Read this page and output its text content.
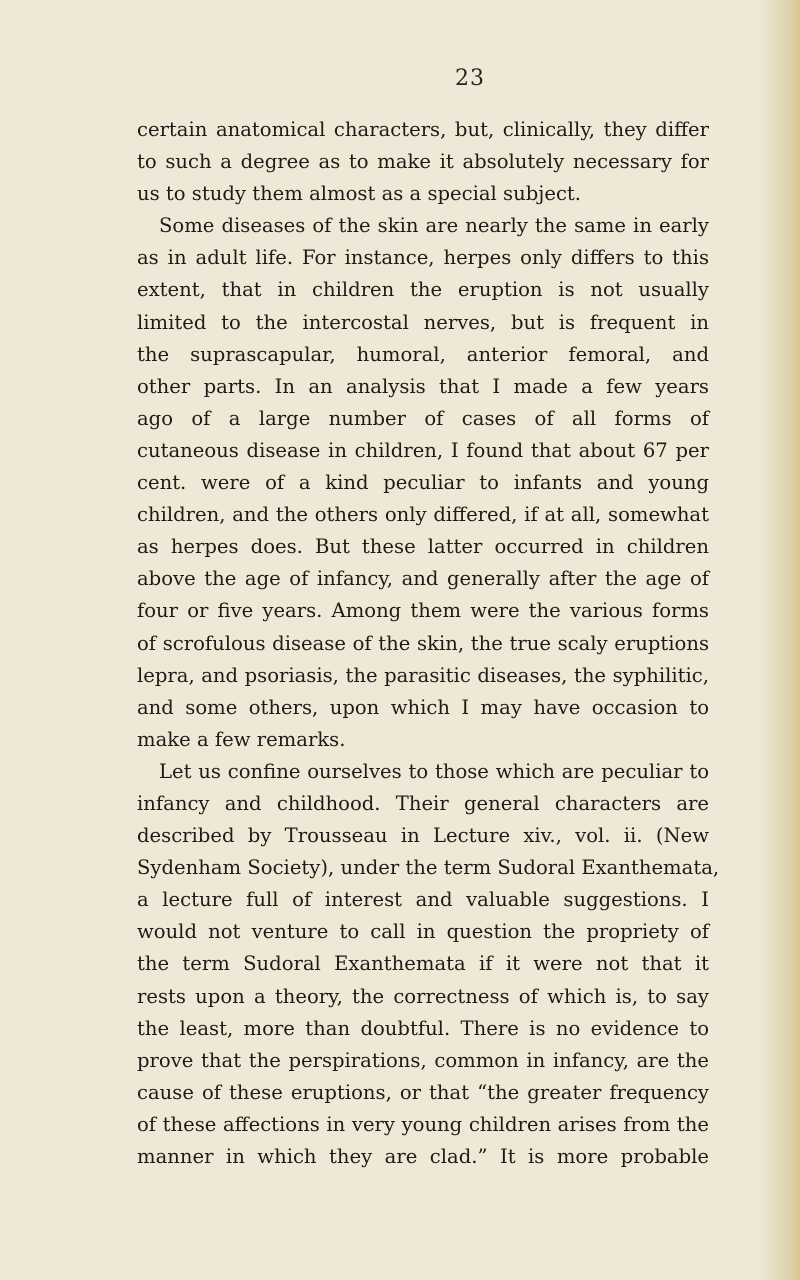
23
certain anatomical characters, but, clinically, they differ
to such a degree as to make it absolutely necessary for
us to study them almost as a special subject.
Some diseases of the skin are nearly the same in early
as in adult life. For instance, herpes only differs to this
extent, that in children the eruption is not usually
limited to the intercostal nerves, but is frequent in
the suprascapular, humoral, anterior femoral, and
other parts. In an analysis that I made a few years
ago of a large number of cases of all forms of
cutaneous disease in children, I found that about 67 per
cent. were of a kind peculiar to infants and young
children, and the others only differed, if at all, somewhat
as herpes does. But these latter occurred in children
above the age of infancy, and generally after the age of
four or five years. Among them were the various forms
of scrofulous disease of the skin, the true scaly eruptions
lepra, and psoriasis, the parasitic diseases, the syphilitic,
and some others, upon which I may have occasion to
make a few remarks.
Let us confine ourselves to those which are peculiar to
infancy and childhood. Their general characters are
described by Trousseau in Lecture xiv., vol. ii. (New
Sydenham Society), under the term Sudoral Exanthemata,
a lecture full of interest and valuable suggestions. I
would not venture to call in question the propriety of
the term Sudoral Exanthemata if it were not that it
rests upon a theory, the correctness of which is, to say
the least, more than doubtful. There is no evidence to
prove that the perspirations, common in infancy, are the
cause of these eruptions, or that “the greater frequency
of these affections in very young children arises from the
manner in which they are clad.” It is more probable
